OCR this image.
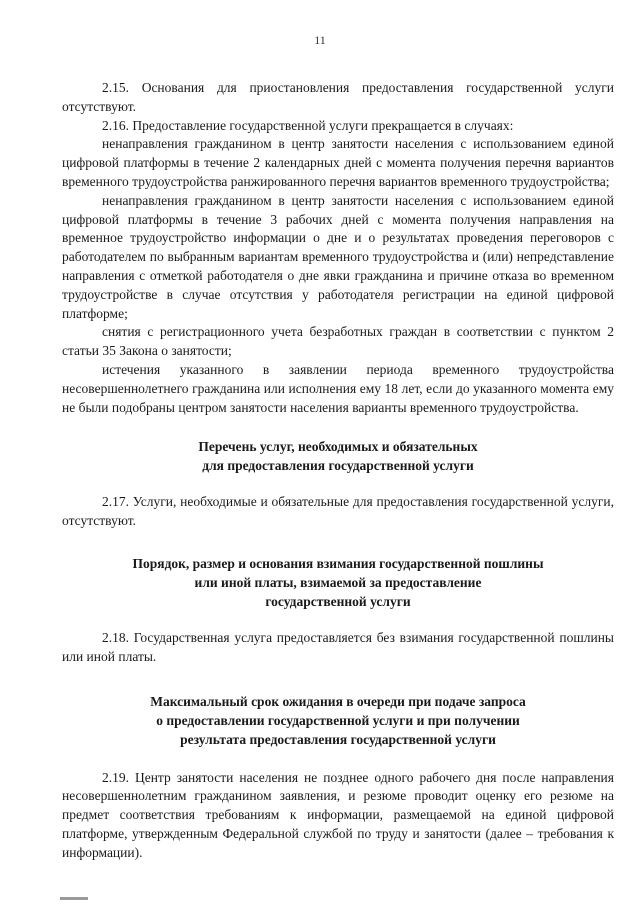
11

2.15. Основания для приостановления предоставления государственной услуги отсутствуют.

2.16. Предоставление государственной услуги прекращается в случаях:

ненаправления гражданином в центр занятости населения с использованием единой цифровой платформы в течение 2 календарных дней с момента получения перечня вариантов временного трудоустройства ранжированного перечня вариантов временного трудоустройства;

ненаправления гражданином в центр занятости населения с использованием единой цифровой платформы в течение 3 рабочих дней с момента получения направления на временное трудоустройство информации о дне и о результатах проведения переговоров с работодателем по выбранным вариантам временного трудоустройства и (или) непредставление направления с отметкой работодателя о дне явки гражданина и причине отказа во временном трудоустройстве в случае отсутствия у работодателя регистрации на единой цифровой платформе;

снятия с регистрационного учета безработных граждан в соответствии с пунктом 2 статьи 35 Закона о занятости;

истечения указанного в заявлении периода временного трудоустройства несовершеннолетнего гражданина или исполнения ему 18 лет, если до указанного момента ему не были подобраны центром занятости населения варианты временного трудоустройства.

Перечень услуг, необходимых и обязательных
для предоставления государственной услуги

2.17. Услуги, необходимые и обязательные для предоставления государственной услуги, отсутствуют.

Порядок, размер и основания взимания государственной пошлины
или иной платы, взимаемой за предоставление
государственной услуги

2.18. Государственная услуга предоставляется без взимания государственной пошлины или иной платы.

Максимальный срок ожидания в очереди при подаче запроса
о предоставлении государственной услуги и при получении
результата предоставления государственной услуги

2.19. Центр занятости населения не позднее одного рабочего дня после направления несовершеннолетним гражданином заявления, и резюме проводит оценку его резюме на предмет соответствия требованиям к информации, размещаемой на единой цифровой платформе, утвержденным Федеральной службой по труду и занятости (далее – требования к информации).
